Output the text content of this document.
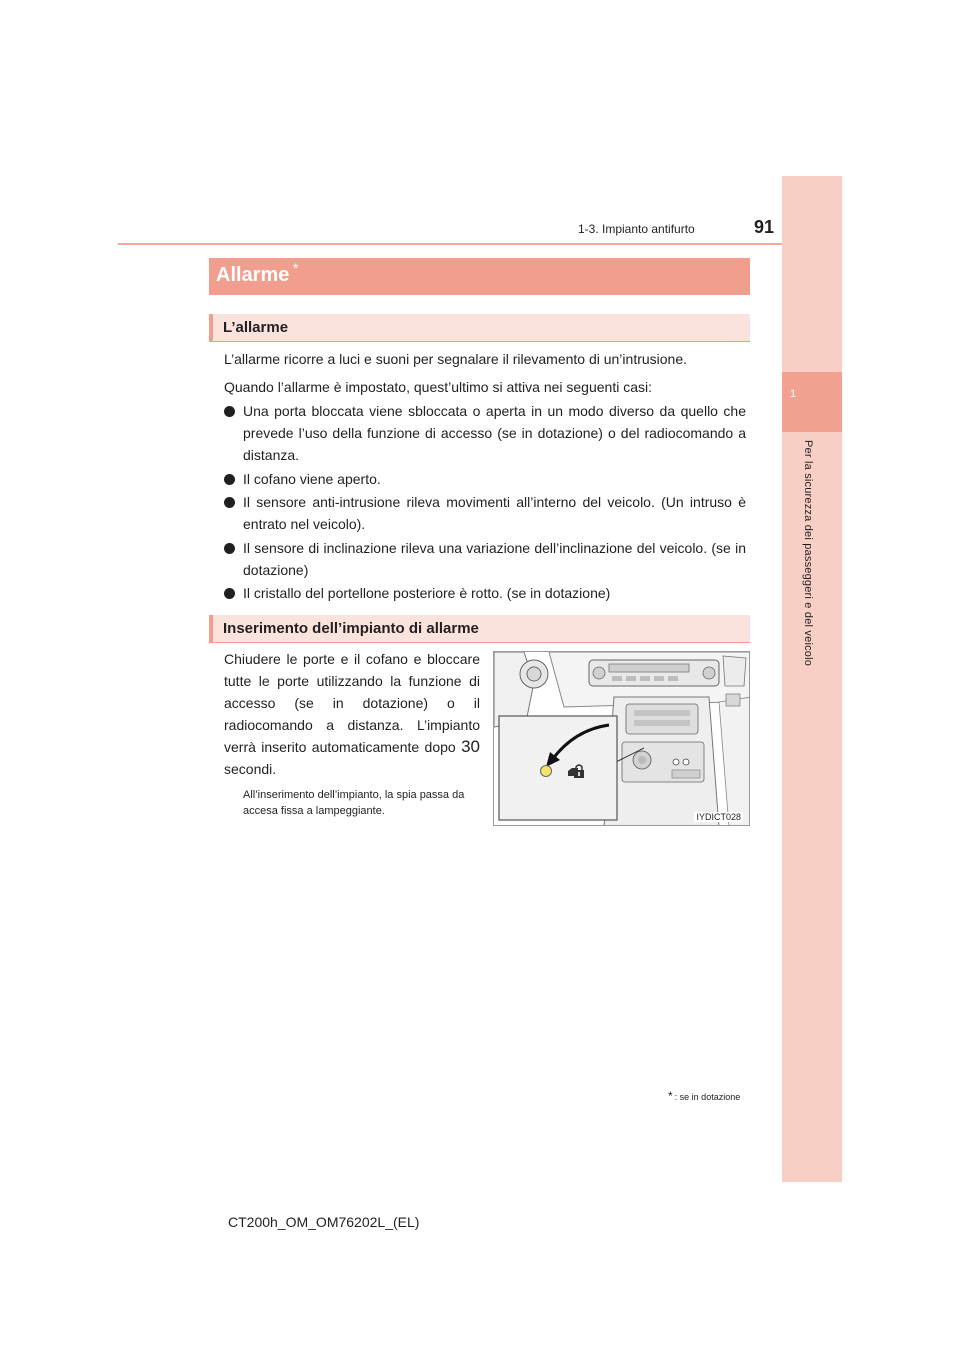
1-3. Impianto antifurto	91
1
Per la sicurezza dei passeggeri e del veicolo
Allarme *
L’allarme

L’allarme ricorre a luci e suoni per segnalare il rilevamento di un’intrusione.

Quando l’allarme è impostato, quest’ultimo si attiva nei seguenti casi:

Una porta bloccata viene sbloccata o aperta in un modo diverso da quello che prevede l’uso della funzione di accesso (se in dotazione) o del radiocomando a distanza.
Il cofano viene aperto.
Il sensore anti-intrusione rileva movimenti all’interno del veicolo. (Un intruso è entrato nel veicolo).
Il sensore di inclinazione rileva una variazione dell’inclinazione del veicolo. (se in dotazione)
Il cristallo del portellone posteriore è rotto. (se in dotazione)
Inserimento dell’impianto di allarme

Chiudere le porte e il cofano e bloccare tutte le porte utilizzando la funzione di accesso (se in dotazione) o il radiocomando a distanza. L’impianto verrà inserito automaticamente dopo 30 secondi.

All’inserimento dell’impianto, la spia passa da accesa fissa a lampeggiante.	IYDICT028
* : se in dotazione
CT200h_OM_OM76202L_(EL)
